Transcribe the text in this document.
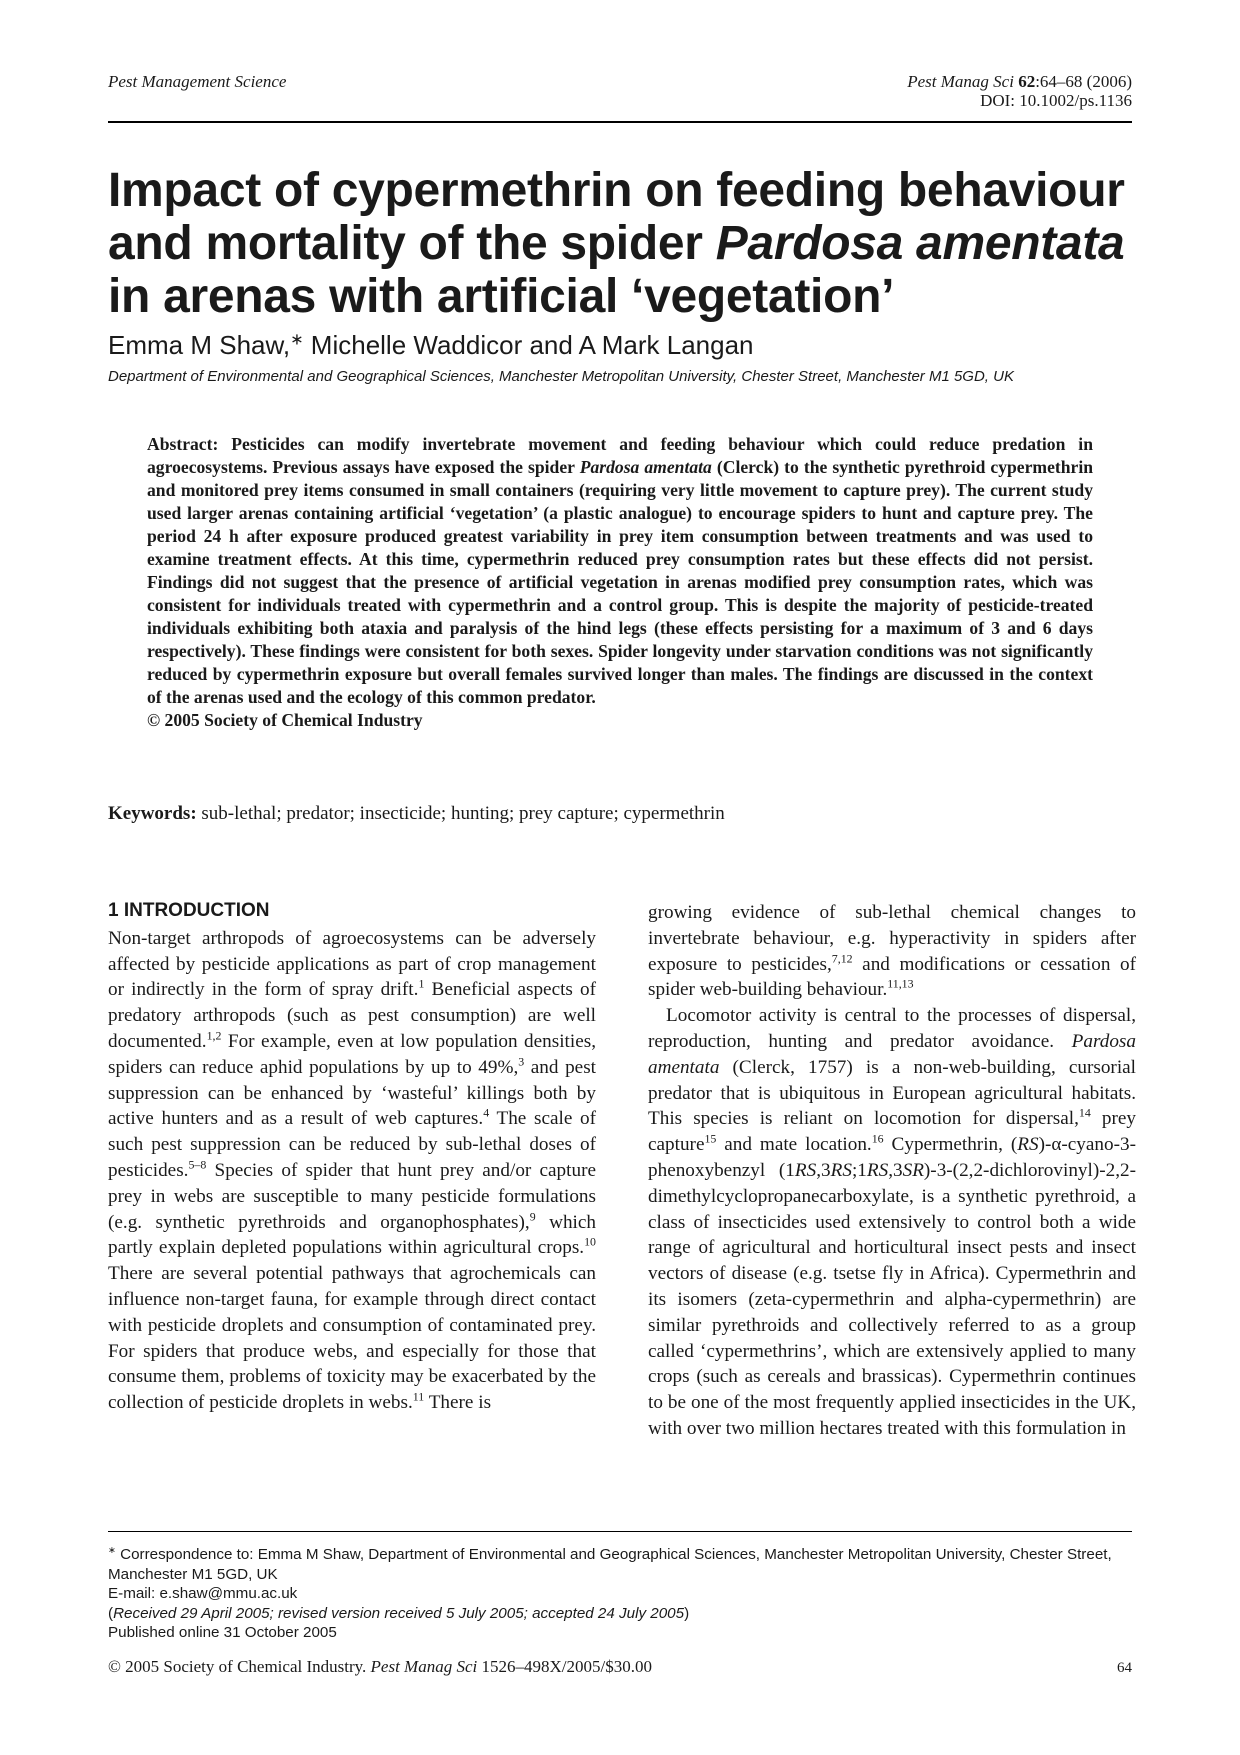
Pest Management Science	Pest Manag Sci 62:64–68 (2006)
DOI: 10.1002/ps.1136
Impact of cypermethrin on feeding behaviour and mortality of the spider Pardosa amentata in arenas with artificial ‘vegetation’
Emma M Shaw,∗ Michelle Waddicor and A Mark Langan
Department of Environmental and Geographical Sciences, Manchester Metropolitan University, Chester Street, Manchester M1 5GD, UK
Abstract: Pesticides can modify invertebrate movement and feeding behaviour which could reduce predation in agroecosystems. Previous assays have exposed the spider Pardosa amentata (Clerck) to the synthetic pyrethroid cypermethrin and monitored prey items consumed in small containers (requiring very little movement to capture prey). The current study used larger arenas containing artificial ‘vegetation’ (a plastic analogue) to encourage spiders to hunt and capture prey. The period 24 h after exposure produced greatest variability in prey item consumption between treatments and was used to examine treatment effects. At this time, cypermethrin reduced prey consumption rates but these effects did not persist. Findings did not suggest that the presence of artificial vegetation in arenas modified prey consumption rates, which was consistent for individuals treated with cypermethrin and a control group. This is despite the majority of pesticide-treated individuals exhibiting both ataxia and paralysis of the hind legs (these effects persisting for a maximum of 3 and 6 days respectively). These findings were consistent for both sexes. Spider longevity under starvation conditions was not significantly reduced by cypermethrin exposure but overall females survived longer than males. The findings are discussed in the context of the arenas used and the ecology of this common predator.
© 2005 Society of Chemical Industry
Keywords: sub-lethal; predator; insecticide; hunting; prey capture; cypermethrin
1 INTRODUCTION

Non-target arthropods of agroecosystems can be adversely affected by pesticide applications as part of crop management or indirectly in the form of spray drift.$^1$ Beneficial aspects of predatory arthropods (such as pest consumption) are well documented.$^{1,2}$ For example, even at low population densities, spiders can reduce aphid populations by up to 49%,$^3$ and pest suppression can be enhanced by ‘wasteful’ killings both by active hunters and as a result of web captures.$^4$ The scale of such pest suppression can be reduced by sub-lethal doses of pesticides.$^{5-8}$ Species of spider that hunt prey and/or capture prey in webs are susceptible to many pesticide formulations (e.g. synthetic pyrethroids and organophosphates),$^9$ which partly explain depleted populations within agricultural crops.$^{10}$ There are several potential pathways that agrochemicals can influence non-target fauna, for example through direct contact with pesticide droplets and consumption of contaminated prey. For spiders that produce webs, and especially for those that consume them, problems of toxicity may be exacerbated by the collection of pesticide droplets in webs.$^{11}$ There is

growing evidence of sub-lethal chemical changes to invertebrate behaviour, e.g. hyperactivity in spiders after exposure to pesticides,$^{7,12}$ and modifications or cessation of spider web-building behaviour.$^{11,13}$

Locomotor activity is central to the processes of dispersal, reproduction, hunting and predator avoidance. Pardosa amentata (Clerck, 1757) is a non-web-building, cursorial predator that is ubiquitous in European agricultural habitats. This species is reliant on locomotion for dispersal,$^{14}$ prey capture$^{15}$ and mate location.$^{16}$ Cypermethrin, (RS)-α-cyano-3-phenoxybenzyl (1RS,3RS;1RS,3SR)-3-(2,2-dichlorovinyl)-2,2-dimethylcyclopropanecarboxylate, is a synthetic pyrethroid, a class of insecticides used extensively to control both a wide range of agricultural and horticultural insect pests and insect vectors of disease (e.g. tsetse fly in Africa). Cypermethrin and its isomers (zeta-cypermethrin and alpha-cypermethrin) are similar pyrethroids and collectively referred to as a group called ‘cypermethrins’, which are extensively applied to many crops (such as cereals and brassicas). Cypermethrin continues to be one of the most frequently applied insecticides in the UK, with over two million hectares treated with this formulation in

∗ Correspondence to: Emma M Shaw, Department of Environmental and Geographical Sciences, Manchester Metropolitan University, Chester Street, Manchester M1 5GD, UK
E-mail: e.shaw@mmu.ac.uk
(Received 29 April 2005; revised version received 5 July 2005; accepted 24 July 2005)
Published online 31 October 2005
© 2005 Society of Chemical Industry. Pest Manag Sci 1526–498X/2005/$30.00	64
